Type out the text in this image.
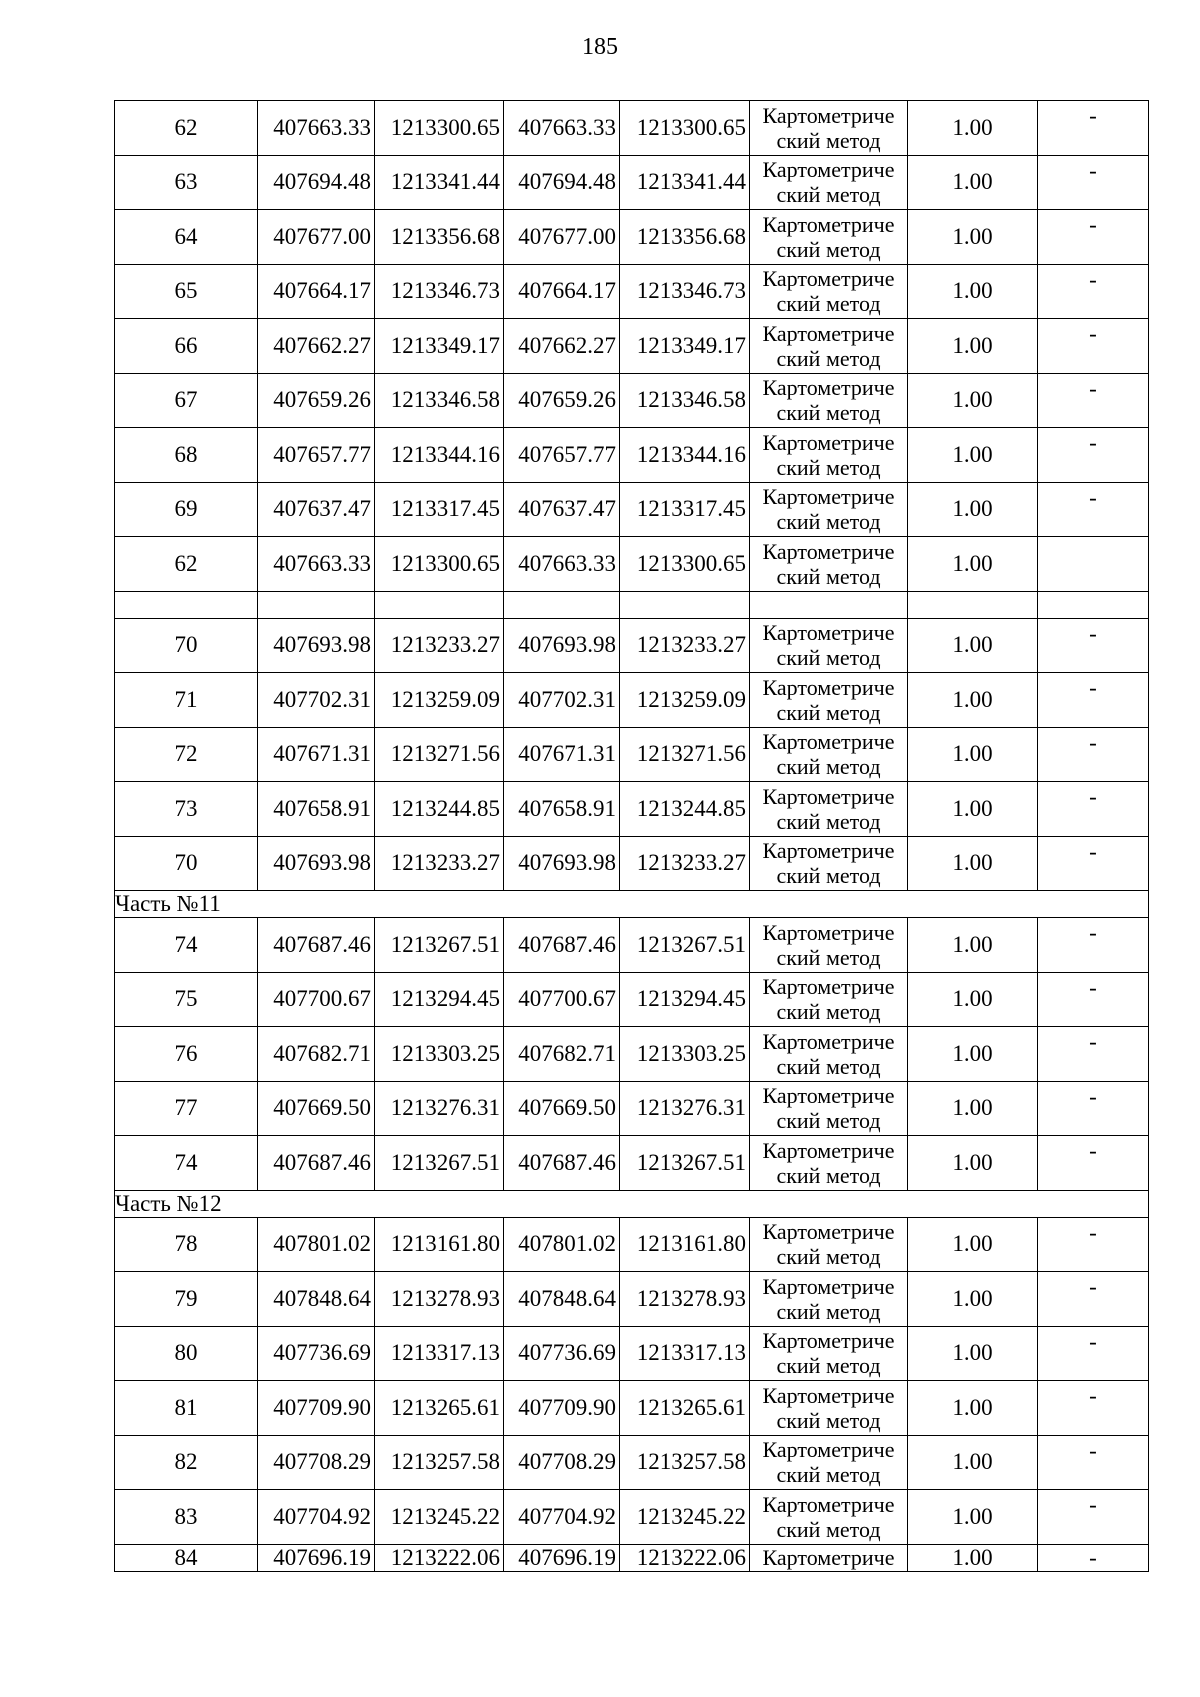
185
62	407663.33	1213300.65	407663.33	1213300.65	Картометриче
ский метод	1.00	-
63	407694.48	1213341.44	407694.48	1213341.44	Картометриче
ский метод	1.00	-
64	407677.00	1213356.68	407677.00	1213356.68	Картометриче
ский метод	1.00	-
65	407664.17	1213346.73	407664.17	1213346.73	Картометриче
ский метод	1.00	-
66	407662.27	1213349.17	407662.27	1213349.17	Картометриче
ский метод	1.00	-
67	407659.26	1213346.58	407659.26	1213346.58	Картометриче
ский метод	1.00	-
68	407657.77	1213344.16	407657.77	1213344.16	Картометриче
ский метод	1.00	-
69	407637.47	1213317.45	407637.47	1213317.45	Картометриче
ский метод	1.00	-
62	407663.33	1213300.65	407663.33	1213300.65	Картометриче
ский метод	1.00	

70	407693.98	1213233.27	407693.98	1213233.27	Картометриче
ский метод	1.00	-
71	407702.31	1213259.09	407702.31	1213259.09	Картометриче
ский метод	1.00	-
72	407671.31	1213271.56	407671.31	1213271.56	Картометриче
ский метод	1.00	-
73	407658.91	1213244.85	407658.91	1213244.85	Картометриче
ский метод	1.00	-
70	407693.98	1213233.27	407693.98	1213233.27	Картометриче
ский метод	1.00	-
Часть №11							
74	407687.46	1213267.51	407687.46	1213267.51	Картометриче
ский метод	1.00	-
75	407700.67	1213294.45	407700.67	1213294.45	Картометриче
ский метод	1.00	-
76	407682.71	1213303.25	407682.71	1213303.25	Картометриче
ский метод	1.00	-
77	407669.50	1213276.31	407669.50	1213276.31	Картометриче
ский метод	1.00	-
74	407687.46	1213267.51	407687.46	1213267.51	Картометриче
ский метод	1.00	-
Часть №12							
78	407801.02	1213161.80	407801.02	1213161.80	Картометриче
ский метод	1.00	-
79	407848.64	1213278.93	407848.64	1213278.93	Картометриче
ский метод	1.00	-
80	407736.69	1213317.13	407736.69	1213317.13	Картометриче
ский метод	1.00	-
81	407709.90	1213265.61	407709.90	1213265.61	Картометриче
ский метод	1.00	-
82	407708.29	1213257.58	407708.29	1213257.58	Картометриче
ский метод	1.00	-
83	407704.92	1213245.22	407704.92	1213245.22	Картометриче
ский метод	1.00	-
84	407696.19	1213222.06	407696.19	1213222.06	Картометриче	1.00	-
